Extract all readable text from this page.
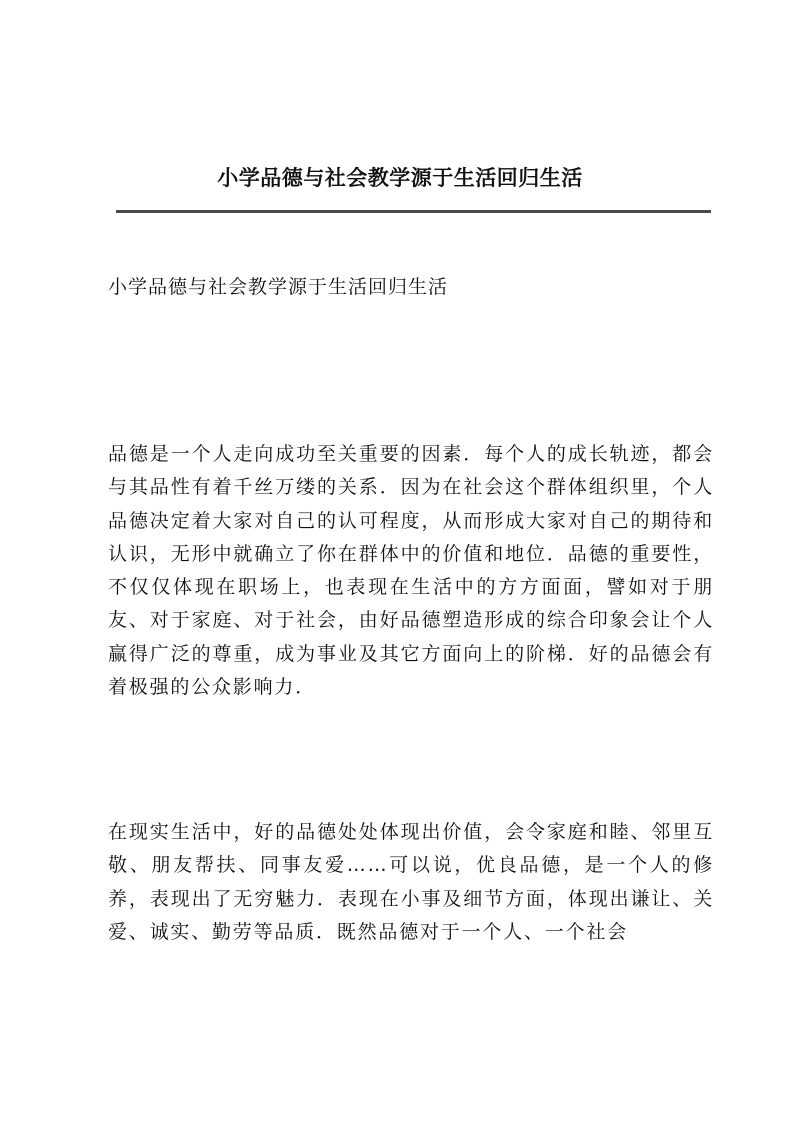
小学品德与社会教学源于生活回归生活
小学品德与社会教学源于生活回归生活

品德是一个人走向成功至关重要的因素．每个人的成长轨迹，都会与其品性有着千丝万缕的关系．因为在社会这个群体组织里，个人品德决定着大家对自己的认可程度，从而形成大家对自己的期待和认识，无形中就确立了你在群体中的价值和地位．品德的重要性，不仅仅体现在职场上，也表现在生活中的方方面面，譬如对于朋友、对于家庭、对于社会，由好品德塑造形成的综合印象会让个人赢得广泛的尊重，成为事业及其它方面向上的阶梯．好的品德会有着极强的公众影响力．

在现实生活中，好的品德处处体现出价值，会令家庭和睦、邻里互敬、朋友帮扶、同事友爱……可以说，优良品德，是一个人的修养，表现出了无穷魅力．表现在小事及细节方面，体现出谦让、关爱、诚实、勤劳等品质．既然品德对于一个人、一个社会
